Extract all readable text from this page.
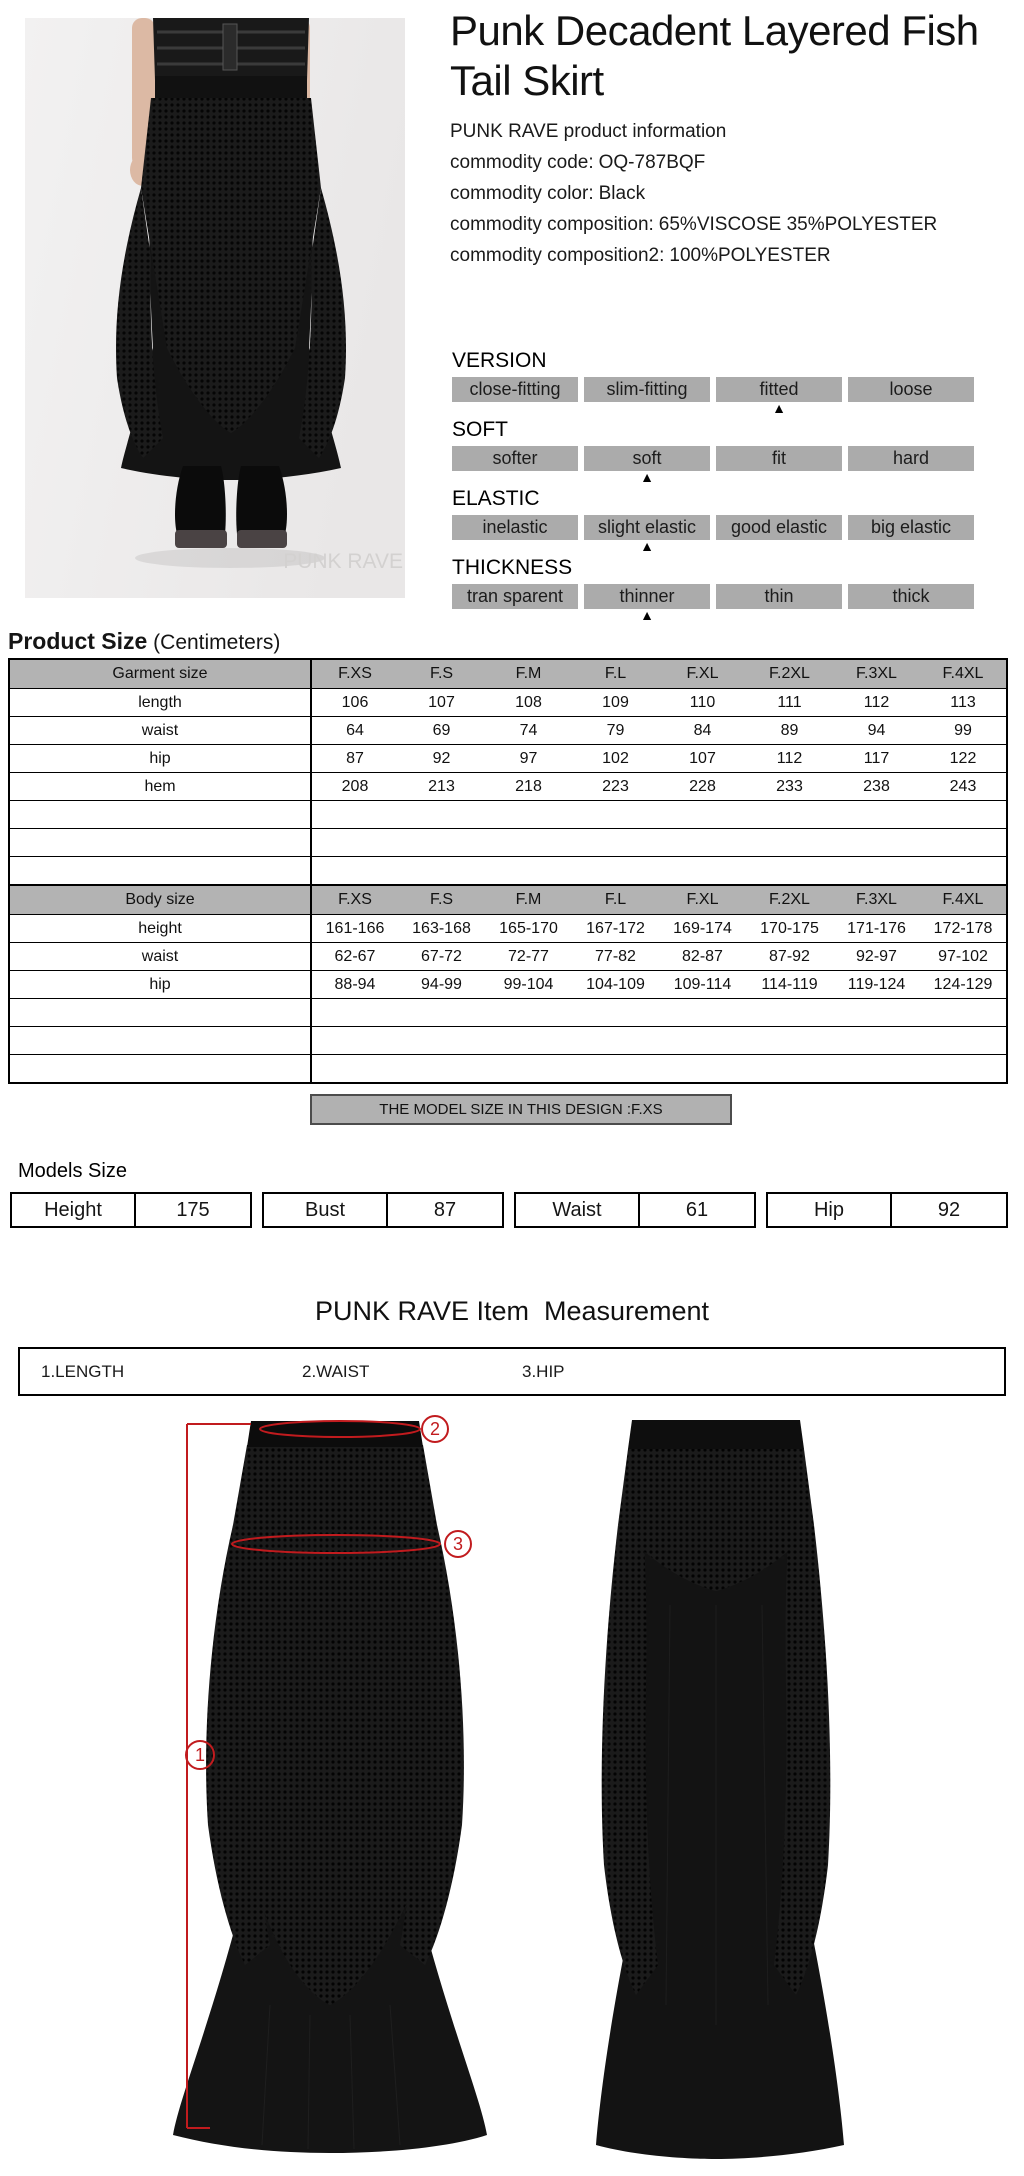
PUNK RAVE
Punk Decadent Layered Fish Tail Skirt
PUNK RAVE product information
commodity code: OQ-787BQF
commodity color: Black
commodity composition: 65%VISCOSE 35%POLYESTER
commodity composition2: 100%POLYESTER
VERSION
close-fitting	slim-fitting	fitted	loose
▲
SOFT
softer	soft	fit	hard
▲
ELASTIC
inelastic	slight elastic	good elastic	big elastic
▲
THICKNESS
tran sparent	thinner	thin	thick
▲
Product Size (Centimeters)
Garment size	F.XS	F.S	F.M	F.L	F.XL	F.2XL	F.3XL	F.4XL
length	106	107	108	109	110	111	112	113
waist	64	69	74	79	84	89	94	99
hip	87	92	97	102	107	112	117	122
hem	208	213	218	223	228	233	238	243

Body size	F.XS	F.S	F.M	F.L	F.XL	F.2XL	F.3XL	F.4XL
height	161-166	163-168	165-170	167-172	169-174	170-175	171-176	172-178
waist	62-67	67-72	72-77	77-82	82-87	87-92	92-97	97-102
hip	88-94	94-99	99-104	104-109	109-114	114-119	119-124	124-129

THE MODEL SIZE IN THIS DESIGN :F.XS
Models Size
Height	175	Bust	87	Waist	61	Hip	92
PUNK RAVE Item  Measurement
1.LENGTH	2.WAIST	3.HIP
2
3
1
